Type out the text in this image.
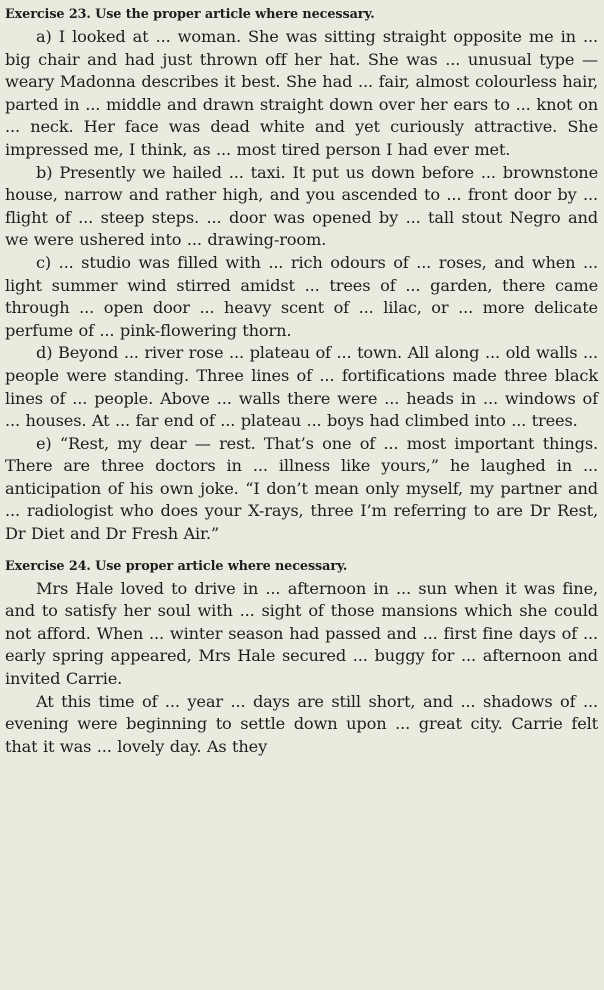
Exercise 23. Use the proper article where necessary.

a) I looked at ... woman. She was sitting straight opposite me in ... big chair and had just thrown off her hat. She was ... unusual type — weary Madonna describes it best. She had ... fair, almost colourless hair, parted in ... middle and drawn straight down over her ears to ... knot on ... neck. Her face was dead white and yet curiously attractive. She impressed me, I think, as ... most tired person I had ever met.

b) Presently we hailed ... taxi. It put us down before ... brownstone house, narrow and rather high, and you ascended to ... front door by ... flight of ... steep steps. ... door was opened by ... tall stout Negro and we were ushered into ... drawing-room.

c) ... studio was filled with ... rich odours of ... roses, and when ... light summer wind stirred amidst ... trees of ... garden, there came through ... open door ... heavy scent of ... lilac, or ... more delicate perfume of ... pink-flowering thorn.

d) Beyond ... river rose ... plateau of ... town. All along ... old walls ... people were standing. Three lines of ... fortifications made three black lines of ... people. Above ... walls there were ... heads in ... windows of ... houses. At ... far end of ... plateau ... boys had climbed into ... trees.

e) “Rest, my dear — rest. That’s one of ... most important things. There are three doctors in ... illness like yours,” he laughed in ... anticipation of his own joke. “I don’t mean only myself, my partner and ... radiologist who does your X-rays, three I’m referring to are Dr Rest, Dr Diet and Dr Fresh Air.”

Exercise 24. Use proper article where necessary.

Mrs Hale loved to drive in ... afternoon in ... sun when it was fine, and to satisfy her soul with ... sight of those mansions which she could not afford. When ... winter season had passed and ... first fine days of ... early spring appeared, Mrs Hale secured ... buggy for ... afternoon and invited Carrie.

At this time of ... year ... days are still short, and ... shadows of ... evening were beginning to settle down upon ... great city. Carrie felt that it was ... lovely day. As they
